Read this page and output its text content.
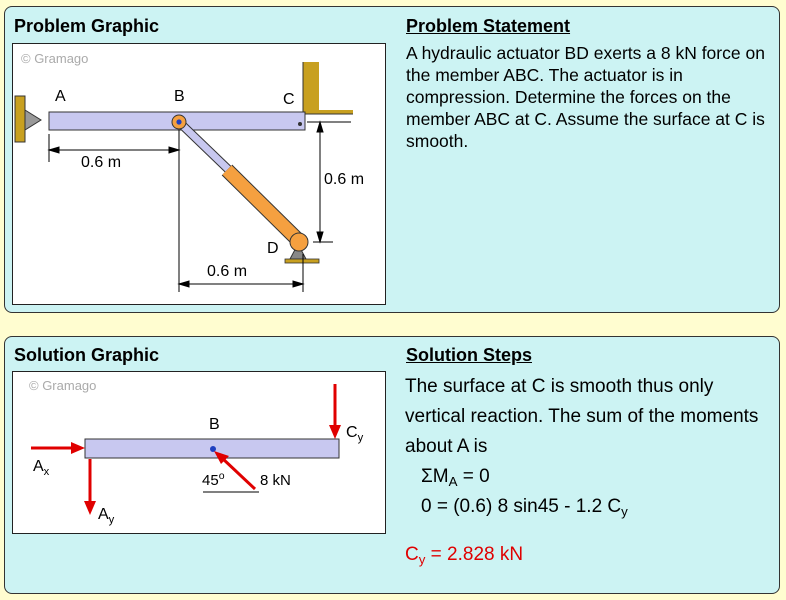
Problem Graphic	Problem Statement
© Gramago
A	B	C
D
0.6 m
0.6 m
0.6 m
A hydraulic actuator BD exerts a 8 kN force on the member ABC. The actuator is in compression. Determine the forces on the member ABC at C. Assume the surface at C is smooth.
Solution Graphic	Solution Steps
© Gramago
B
$A_x$
$A_y$
$C_y$
45$^o$ 8 kN
The surface at C is smooth thus only vertical reaction. The sum of the moments about A is
$\Sigma M_A = 0$
0 = (0.6) 8 sin45 - 1.2 $C_y$
$C_y = 2.828$ kN
